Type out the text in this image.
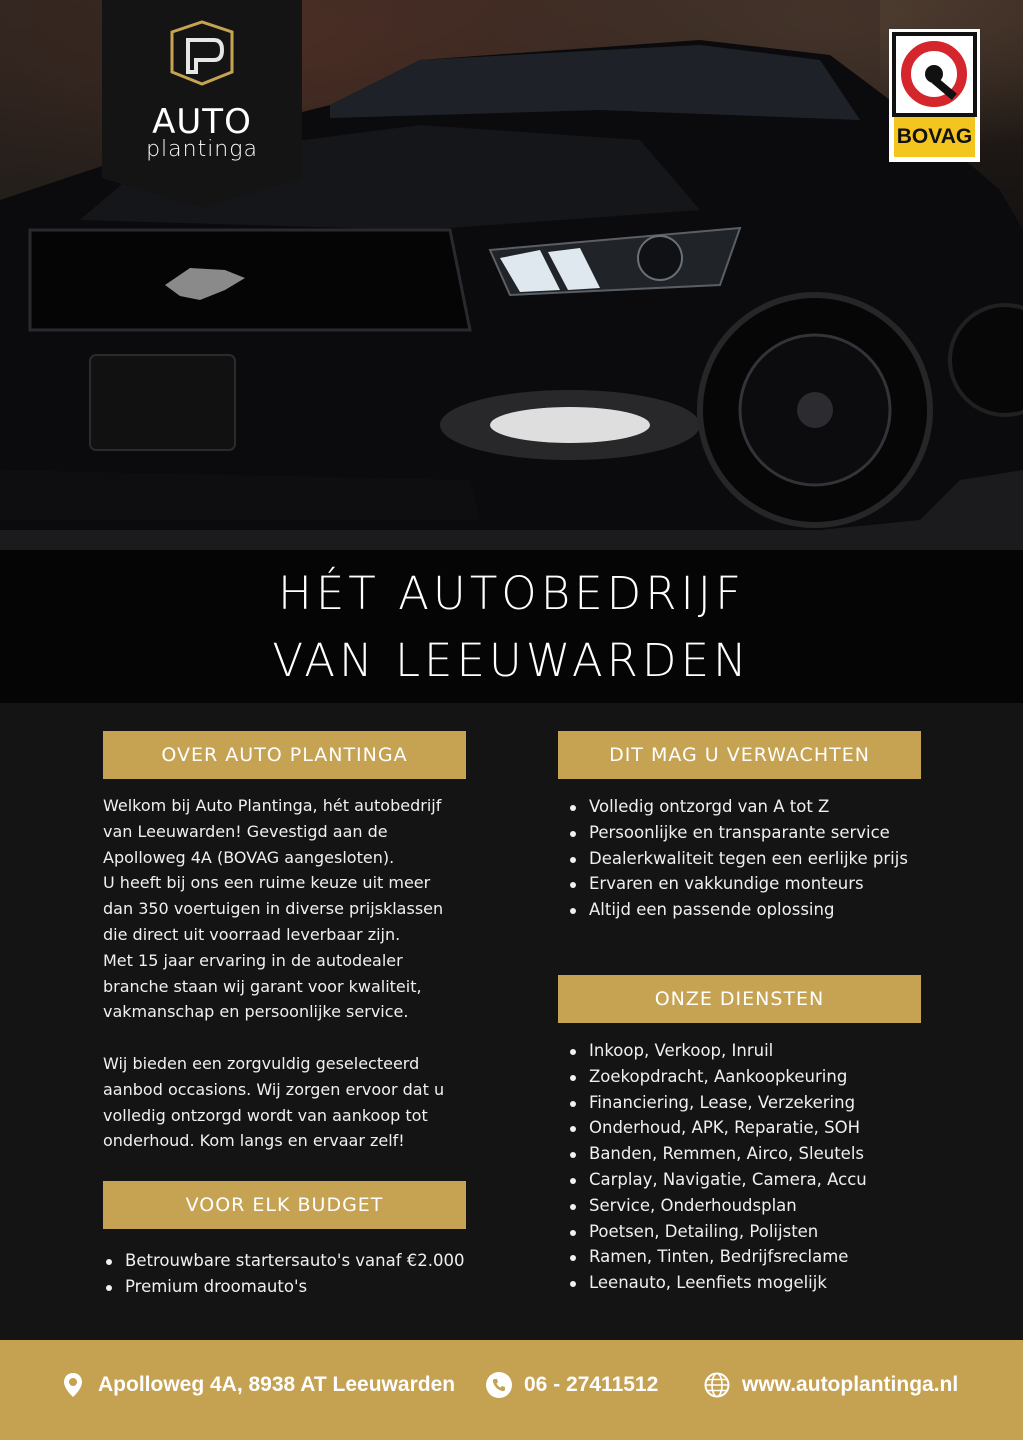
AUTO
plantinga
BOVAG
HÉT AUTOBEDRIJF
VAN LEEUWARDEN
OVER AUTO PLANTINGA

Welkom bij Auto Plantinga, hét autobedrijf

van Leeuwarden! Gevestigd aan de

Apolloweg 4A (BOVAG aangesloten).

U heeft bij ons een ruime keuze uit meer

dan 350 voertuigen in diverse prijsklassen

die direct uit voorraad leverbaar zijn.

Met 15 jaar ervaring in de autodealer

branche staan wij garant voor kwaliteit,

vakmanschap en persoonlijke service.

Wij bieden een zorgvuldig geselecteerd

aanbod occasions. Wij zorgen ervoor dat u

volledig ontzorgd wordt van aankoop tot

onderhoud. Kom langs en ervaar zelf!

VOOR ELK BUDGET
Betrouwbare startersauto's vanaf €2.000
Premium droomauto's
DIT MAG U VERWACHTEN
Volledig ontzorgd van A tot Z
Persoonlijke en transparante service
Dealerkwaliteit tegen een eerlijke prijs
Ervaren en vakkundige monteurs
Altijd een passende oplossing
ONZE DIENSTEN
Inkoop, Verkoop, Inruil
Zoekopdracht, Aankoopkeuring
Financiering, Lease, Verzekering
Onderhoud, APK, Reparatie, SOH
Banden, Remmen, Airco, Sleutels
Carplay, Navigatie, Camera, Accu
Service, Onderhoudsplan
Poetsen, Detailing, Polijsten
Ramen, Tinten, Bedrijfsreclame
Leenauto, Leenfiets mogelijk
Apolloweg 4A, 8938 AT Leeuwarden	06 - 27411512	www.autoplantinga.nl
